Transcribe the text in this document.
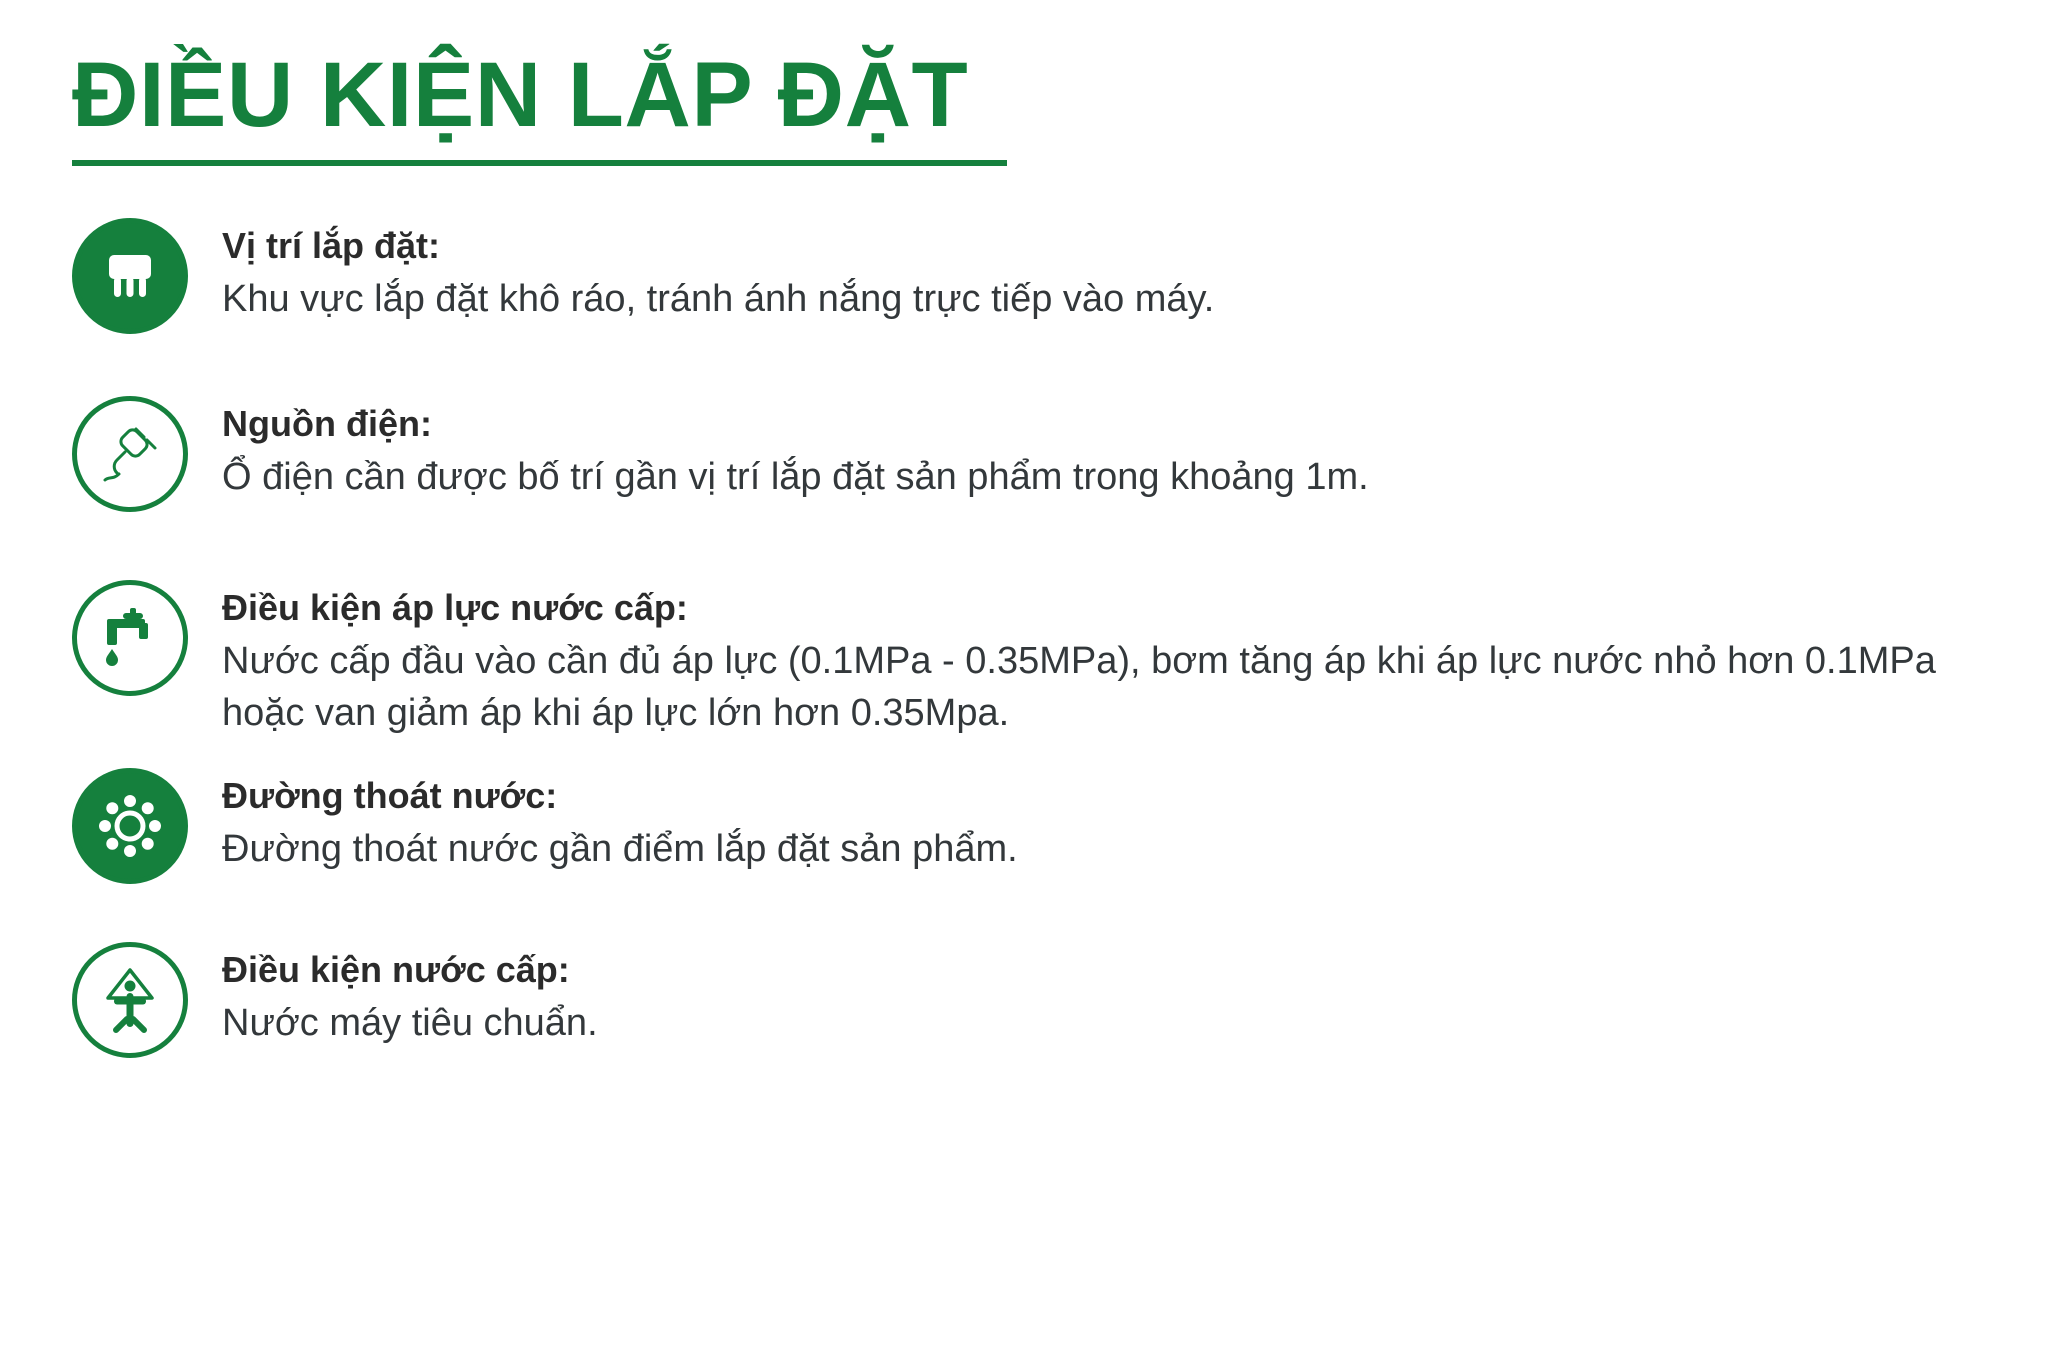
ĐIỀU KIỆN LẮP ĐẶT

Vị trí lắp đặt:

Khu vực lắp đặt khô ráo, tránh ánh nắng trực tiếp vào máy.

Nguồn điện:

Ổ điện cần được bố trí gần vị trí lắp đặt sản phẩm trong khoảng 1m.

Điều kiện áp lực nước cấp:

Nước cấp đầu vào cần đủ áp lực (0.1MPa - 0.35MPa), bơm tăng áp khi áp lực nước nhỏ hơn 0.1MPa hoặc van giảm áp khi áp lực lớn hơn 0.35Mpa.

Đường thoát nước:

Đường thoát nước gần điểm lắp đặt sản phẩm.

Điều kiện nước cấp:

Nước máy tiêu chuẩn.
